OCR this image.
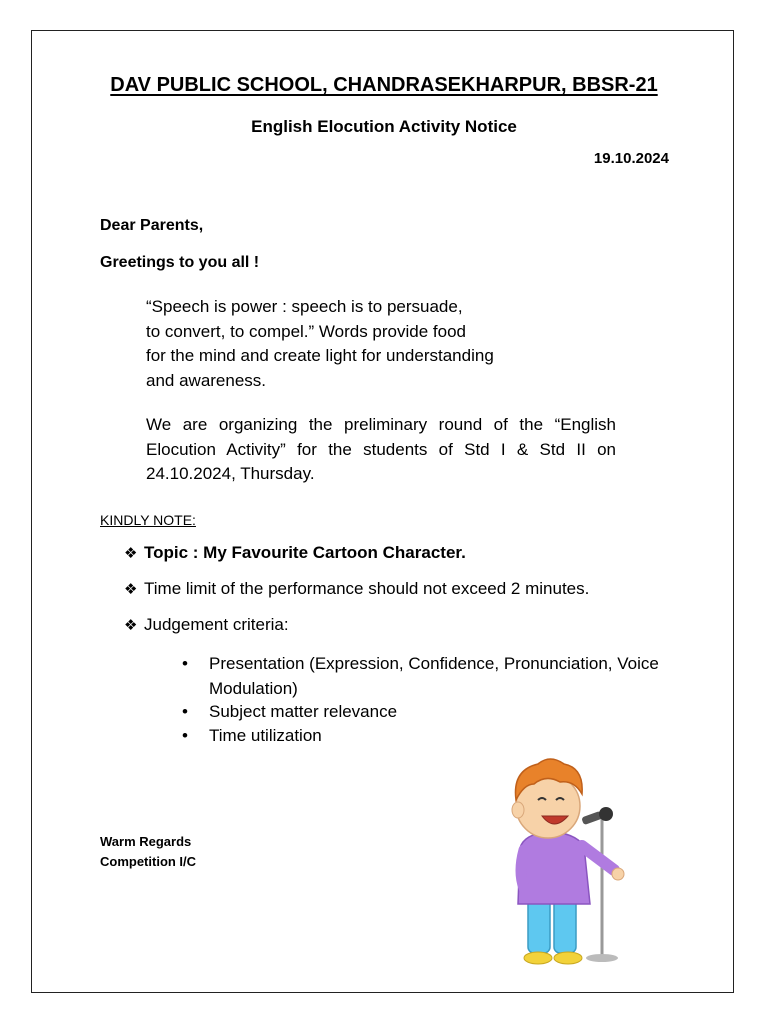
DAV PUBLIC SCHOOL, CHANDRASEKHARPUR, BBSR-21
English Elocution Activity Notice
19.10.2024
Dear Parents,
Greetings to you all !
“Speech is power : speech is to persuade,
to convert, to compel.” Words provide food
for the mind and create light for understanding
and awareness.
We are organizing the preliminary round of the “English Elocution Activity” for the students of Std I & Std II on 24.10.2024, Thursday.
KINDLY NOTE:
❖ Topic : My Favourite Cartoon Character.
❖ Time limit of the performance should not exceed 2 minutes.
❖ Judgement criteria:
• Presentation (Expression, Confidence, Pronunciation, Voice Modulation)
• Subject matter relevance
• Time utilization
Warm Regards
Competition I/C
